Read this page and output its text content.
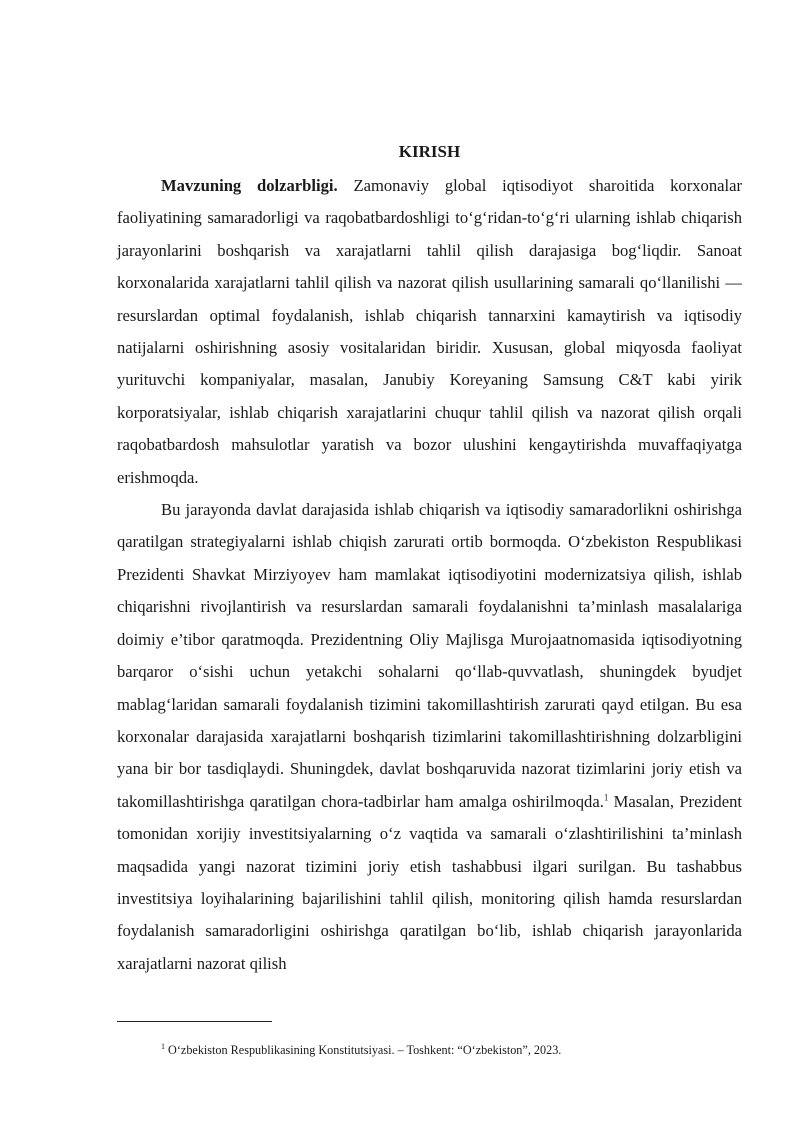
KIRISH

Mavzuning dolzarbligi. Zamonaviy global iqtisodiyot sharoitida korxonalar faoliyatining samaradorligi va raqobatbardoshligi to‘g‘ridan-to‘g‘ri ularning ishlab chiqarish jarayonlarini boshqarish va xarajatlarni tahlil qilish darajasiga bog‘liqdir. Sanoat korxonalarida xarajatlarni tahlil qilish va nazorat qilish usullarining samarali qo‘llanilishi — resurslardan optimal foydalanish, ishlab chiqarish tannarxini kamaytirish va iqtisodiy natijalarni oshirishning asosiy vositalaridan biridir. Xususan, global miqyosda faoliyat yurituvchi kompaniyalar, masalan, Janubiy Koreyaning Samsung C&T kabi yirik korporatsiyalar, ishlab chiqarish xarajatlarini chuqur tahlil qilish va nazorat qilish orqali raqobatbardosh mahsulotlar yaratish va bozor ulushini kengaytirishda muvaffaqiyatga erishmoqda.

Bu jarayonda davlat darajasida ishlab chiqarish va iqtisodiy samaradorlikni oshirishga qaratilgan strategiyalarni ishlab chiqish zarurati ortib bormoqda. O‘zbekiston Respublikasi Prezidenti Shavkat Mirziyoyev ham mamlakat iqtisodiyotini modernizatsiya qilish, ishlab chiqarishni rivojlantirish va resurslardan samarali foydalanishni ta’minlash masalalariga doimiy e’tibor qaratmoqda. Prezidentning Oliy Majlisga Murojaatnomasida iqtisodiyotning barqaror o‘sishi uchun yetakchi sohalarni qo‘llab-quvvatlash, shuningdek byudjet mablag‘laridan samarali foydalanish tizimini takomillashtirish zarurati qayd etilgan. Bu esa korxonalar darajasida xarajatlarni boshqarish tizimlarini takomillashtirishning dolzarbligini yana bir bor tasdiqlaydi. Shuningdek, davlat boshqaruvida nazorat tizimlarini joriy etish va takomillashtirishga qaratilgan chora-tadbirlar ham amalga oshirilmoqda.$^1$ Masalan, Prezident tomonidan xorijiy investitsiyalarning o‘z vaqtida va samarali o‘zlashtirilishini ta’minlash maqsadida yangi nazorat tizimini joriy etish tashabbusi ilgari surilgan. Bu tashabbus investitsiya loyihalarining bajarilishini tahlil qilish, monitoring qilish hamda resurslardan foydalanish samaradorligini oshirishga qaratilgan bo‘lib, ishlab chiqarish jarayonlarida xarajatlarni nazorat qilish

$^1$ O‘zbekiston Respublikasining Konstitutsiyasi. – Toshkent: “O‘zbekiston”, 2023.
